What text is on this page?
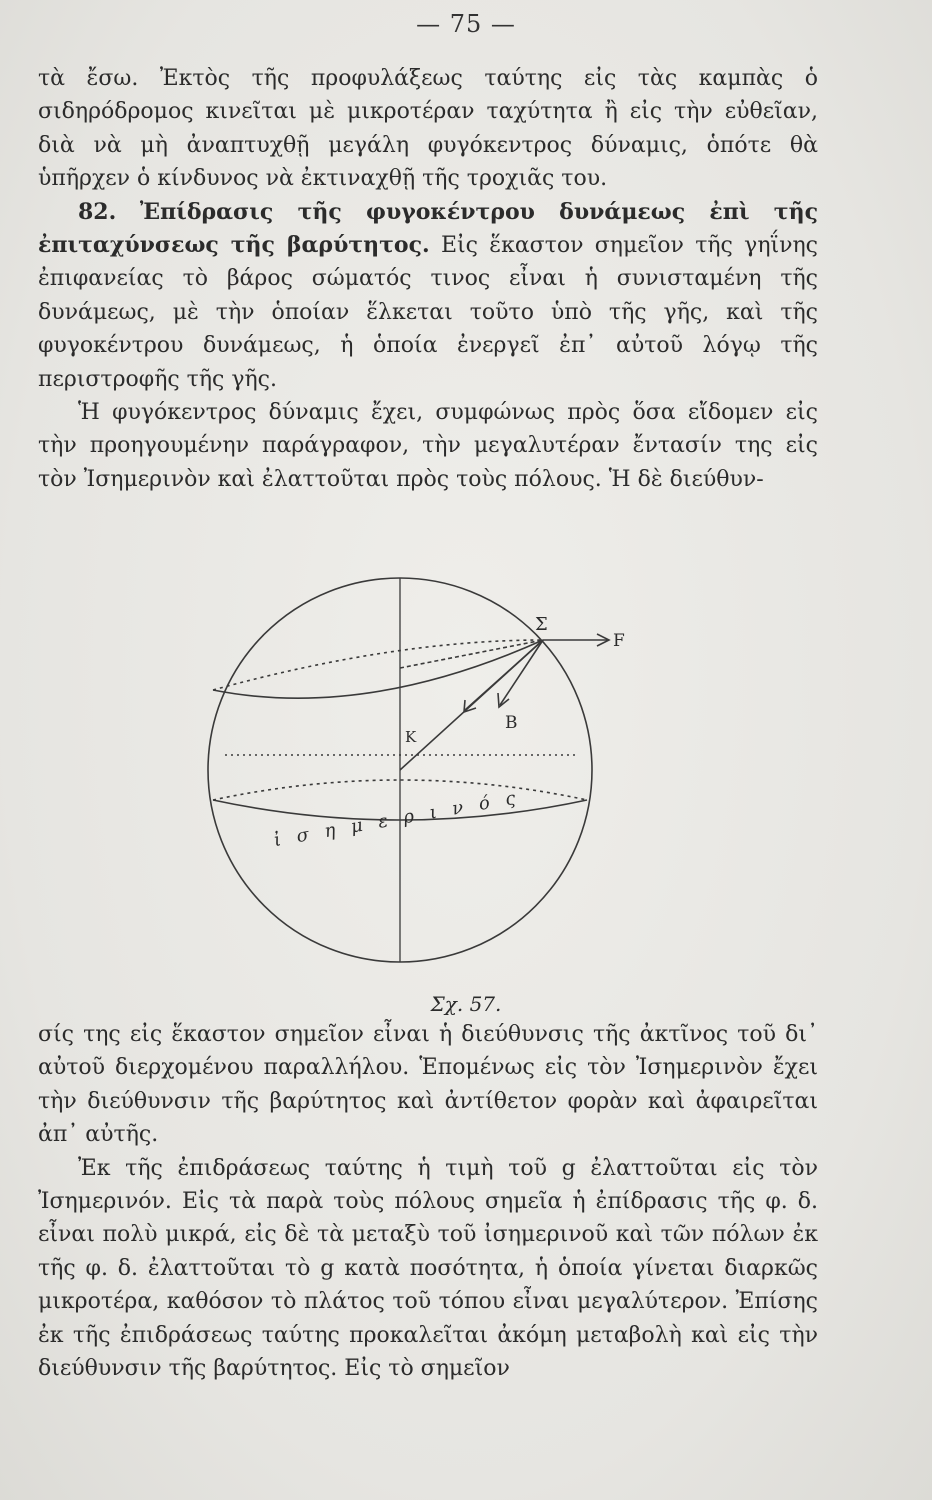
— 75 —

τὰ ἔσω. Ἐκτὸς τῆς προφυλάξεως ταύτης εἰς τὰς καμπὰς ὁ σιδηρόδρομος κινεῖται μὲ μικροτέραν ταχύτητα ἢ εἰς τὴν εὐθεῖαν, διὰ νὰ μὴ ἀναπτυχθῇ μεγάλη φυγόκεντρος δύναμις, ὁπότε θὰ ὑπῆρχεν ὁ κίνδυνος νὰ ἐκτιναχθῇ τῆς τροχιᾶς του.

82. Ἐπίδρασις τῆς φυγοκέντρου δυνάμεως ἐπὶ τῆς ἐπιταχύνσεως τῆς βαρύτητος. Εἰς ἕκαστον σημεῖον τῆς γηΐνης ἐπιφανείας τὸ βάρος σώματός τινος εἶναι ἡ συνισταμένη τῆς δυνάμεως, μὲ τὴν ὁποίαν ἕλκεται τοῦτο ὑπὸ τῆς γῆς, καὶ τῆς φυγοκέντρου δυνάμεως, ἡ ὁποία ἐνεργεῖ ἐπ᾿ αὐτοῦ λόγῳ τῆς περιστροφῆς τῆς γῆς.

Ἡ φυγόκεντρος δύναμις ἔχει, συμφώνως πρὸς ὅσα εἴδομεν εἰς τὴν προηγουμένην παράγραφον, τὴν μεγαλυτέραν ἔντασίν της εἰς τὸν Ἰσημερινὸν καὶ ἐλαττοῦται πρὸς τοὺς πόλους. Ἡ δὲ διεύθυν-

Σ
F
B
K
ἰσημερινός
Σχ. 57.

σίς της εἰς ἕκαστον σημεῖον εἶναι ἡ διεύθυνσις τῆς ἀκτῖνος τοῦ δι᾿ αὐτοῦ διερχομένου παραλλήλου. Ἑπομένως εἰς τὸν Ἰσημερινὸν ἔχει τὴν διεύθυνσιν τῆς βαρύτητος καὶ ἀντίθετον φορὰν καὶ ἀφαιρεῖται ἀπ᾿ αὐτῆς.

Ἐκ τῆς ἐπιδράσεως ταύτης ἡ τιμὴ τοῦ g ἐλαττοῦται εἰς τὸν Ἰσημερινόν. Εἰς τὰ παρὰ τοὺς πόλους σημεῖα ἡ ἐπίδρασις τῆς φ. δ. εἶναι πολὺ μικρά, εἰς δὲ τὰ μεταξὺ τοῦ ἰσημερινοῦ καὶ τῶν πόλων ἐκ τῆς φ. δ. ἐλαττοῦται τὸ g κατὰ ποσότητα, ἡ ὁποία γίνεται διαρκῶς μικροτέρα, καθόσον τὸ πλάτος τοῦ τόπου εἶναι μεγαλύτερον. Ἐπίσης ἐκ τῆς ἐπιδράσεως ταύτης προκαλεῖται ἀκόμη μεταβολὴ καὶ εἰς τὴν διεύθυνσιν τῆς βαρύτητος. Εἰς τὸ σημεῖον
